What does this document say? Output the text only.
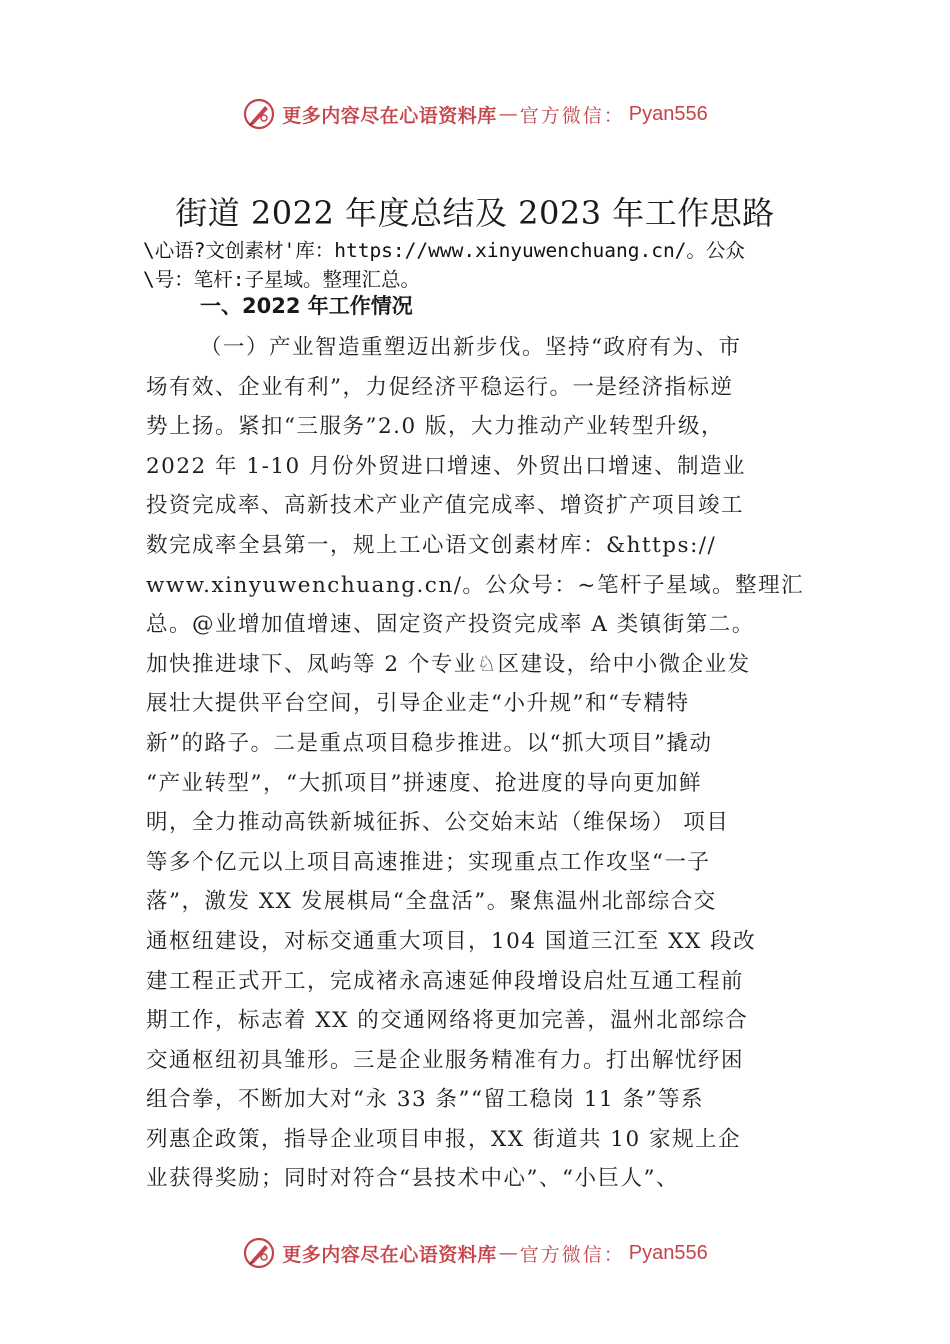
更多内容尽在心语资料库 — 官方微信： Pyan556
街道 2022 年度总结及 2023 年工作思路
\心语?文创素材'库：https://www.xinyuwenchuang.cn/。公众
\号：笔杆:子星域。整理汇总。
一、2022 年工作情况
（一）产业智造重塑迈出新步伐。坚持“政府有为、市
场有效、企业有利”，力促经济平稳运行。一是经济指标逆
势上扬。紧扣“三服务”2.0 版，大力推动产业转型升级，
2022 年 1-10 月份外贸进口增速、外贸出口增速、制造业
投资完成率、高新技术产业产值完成率、增资扩产项目竣工
数完成率全县第一，规上工心语文创素材库：&https://
www.xinyuwenchuang.cn/。公众号：~笔杆子星域。整理汇
总。@业增加值增速、固定资产投资完成率 A 类镇街第二。
加快推进埭下、凤屿等 2 个专业♘区建设，给中小微企业发
展壮大提供平台空间，引导企业走“小升规”和“专精特
新”的路子。二是重点项目稳步推进。以“抓大项目”撬动
“产业转型”，“大抓项目”拼速度、抢进度的导向更加鲜
明，全力推动高铁新城征拆、公交始末站（维保场） 项目
等多个亿元以上项目高速推进；实现重点工作攻坚“一子
落”，激发 XX 发展棋局“全盘活”。聚焦温州北部综合交
通枢纽建设，对标交通重大项目，104 国道三江至 XX 段改
建工程正式开工，完成褚永高速延伸段增设启灶互通工程前
期工作，标志着 XX 的交通网络将更加完善，温州北部综合
交通枢纽初具雏形。三是企业服务精准有力。打出解忧纾困
组合拳，不断加大对“永 33 条”“留工稳岗 11 条”等系
列惠企政策，指导企业项目申报，XX 街道共 10 家规上企
业获得奖励；同时对符合“县技术中心”、“小巨人”、
更多内容尽在心语资料库 — 官方微信： Pyan556
